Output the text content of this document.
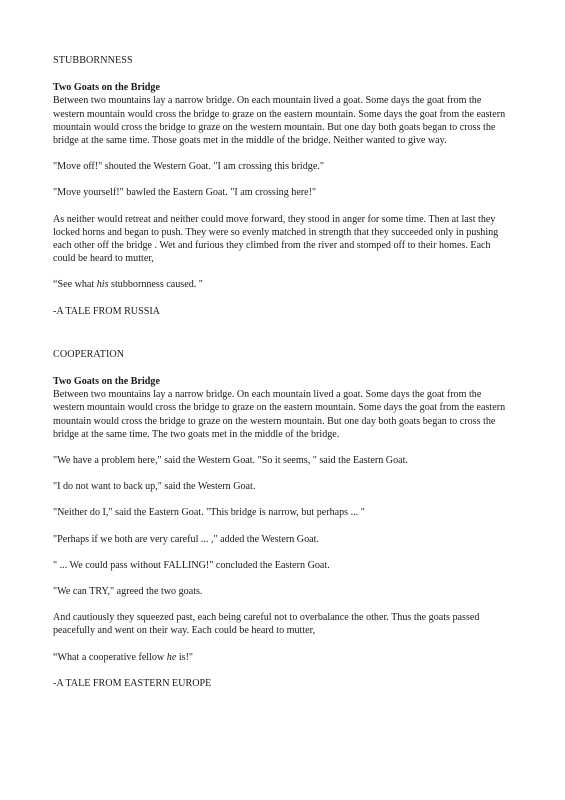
STUBBORNNESS
Two Goats on the Bridge
Between two mountains lay a narrow bridge. On each mountain lived a goat. Some days the goat from the western mountain would cross the bridge to graze on the eastern mountain. Some days the goat from the eastern mountain would cross the bridge to graze on the western mountain. But one day both goats began to cross the bridge at the same time. Those goats met in the middle of the bridge. Neither wanted to give way.

"Move off!" shouted the Western Goat. "I am crossing this bridge."

"Move yourself!" bawled the Eastern Goat. "I am crossing here!"

As neither would retreat and neither could move forward, they stood in anger for some time. Then at last they locked horns and began to push. They were so evenly matched in strength that they succeeded only in pushing each other off the bridge . Wet and furious they climbed from the river and stomped off to their homes. Each could be heard to mutter,

“See what his stubbornness caused. "

-A TALE FROM RUSSIA

COOPERATION
Two Goats on the Bridge
Between two mountains lay a narrow bridge. On each mountain lived a goat. Some days the goat from the western mountain would cross the bridge to graze on the eastern mountain. Some days the goat from the eastern mountain would cross the bridge to graze on the western mountain. But one day both goats began to cross the bridge at the same time. The two goats met in the middle of the bridge.

"We have a problem here," said the Western Goat. "So it seems, " said the Eastern Goat.

"I do not want to back up," said the Western Goat.

"Neither do I," said the Eastern Goat. "This bridge is narrow, but perhaps ... "

"Perhaps if we both are very careful ... ," added the Western Goat.

" ... We could pass without FALLING!" concluded the Eastern Goat.

"We can TRY," agreed the two goats.

And cautiously they squeezed past, each being careful not to overbalance the other. Thus the goats passed peacefully and went on their way. Each could be heard to mutter,

“What a cooperative fellow he is!"

-A TALE FROM EASTERN EUROPE
